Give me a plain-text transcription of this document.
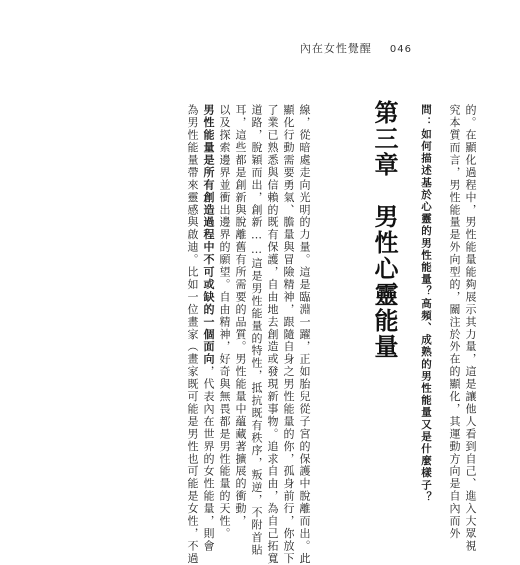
內在女性覺醒 046
第三章　男性心靈能量	問：如何描述基於心靈的男性能量？高頻、成熟的男性能量又是什麼樣子？ 究本質而言，男性能量是外向型的，關注於外在的顯化，其運動方向是自內而外 的。在顯化過程中，男性能量能夠展示其力量，這是讓他人看到自己、進入大眾視
線，從暗處走向光明的力量。這是臨淵一躍，正如胎兒從子宮的保護中脫離而出。此
顯化行動需要勇氣、膽量與冒險精神，跟隨自身之男性能量的你，孤身前行，你放下
了業已熟悉與信賴的既有保護，自由地去創造或發現新事物。追求自由，為自己拓寬
道路，脫穎而出，創新……這是男性能量的特性，抵抗既有秩序，叛逆，不附首貼
耳，這些都是創新與脫離舊有所需要的品質。男性能量中蘊藏著擴展的衝動，
以及探索邊界並衝出邊界的願望。自由精神，好奇與無畏都是男性能量的天性。
男性能量是所有創造過程中不可或缺的一個面向，代表內在世界的女性能量，則會
為男性能量帶來靈感與啟迪。比如一位畫家（畫家既可能是男性也可能是女性，不過
